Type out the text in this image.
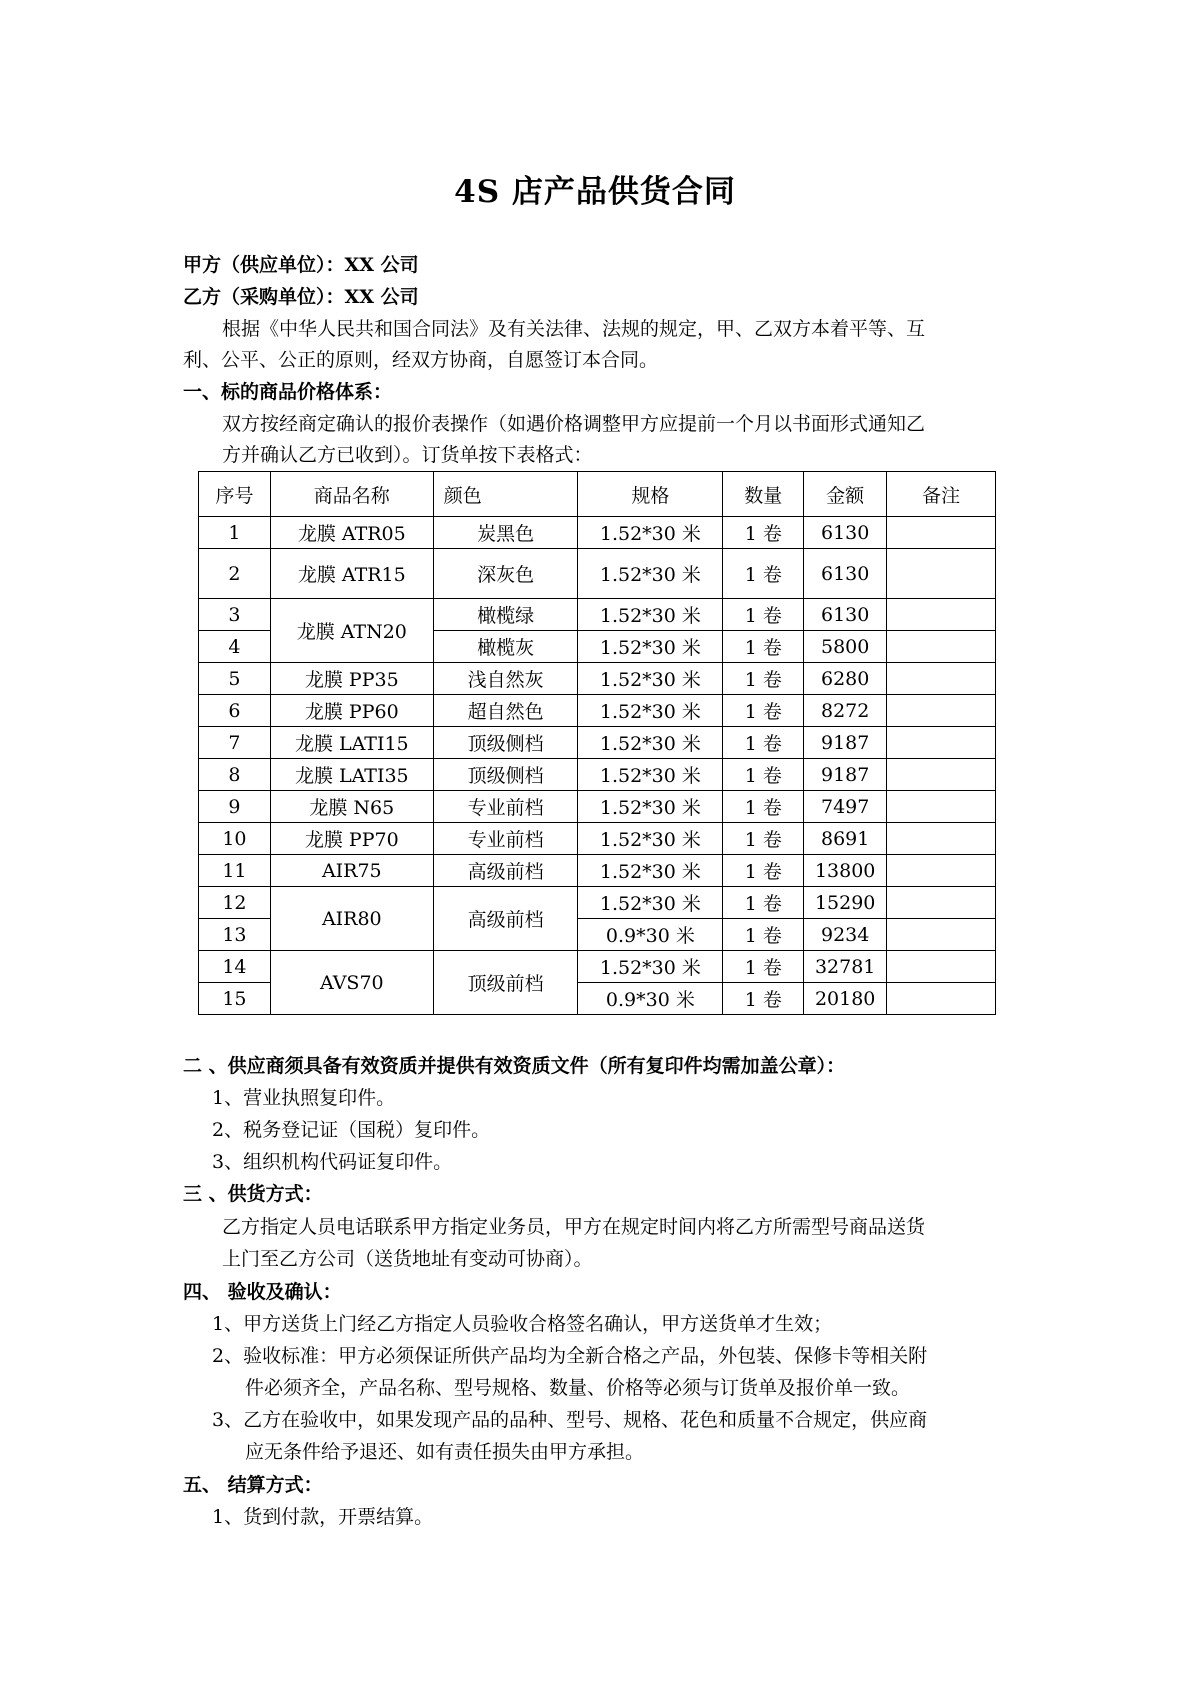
4S 店产品供货合同
甲方（供应单位）：XX 公司
乙方（采购单位）：XX 公司
根据《中华人民共和国合同法》及有关法律、法规的规定，甲、乙双方本着平等、互
利、公平、公正的原则，经双方协商，自愿签订本合同。
一、标的商品价格体系：
双方按经商定确认的报价表操作（如遇价格调整甲方应提前一个月以书面形式通知乙
方并确认乙方已收到）。订货单按下表格式：
序号	商品名称	颜色	规格	数量	金额	备注
1	龙膜 ATR05	炭黑色	1.52*30 米	1 卷	6130	
2	龙膜 ATR15	深灰色	1.52*30 米	1 卷	6130	
3	龙膜 ATN20	橄榄绿	1.52*30 米	1 卷	6130	
4		橄榄灰	1.52*30 米	1 卷	5800	
5	龙膜 PP35	浅自然灰	1.52*30 米	1 卷	6280	
6	龙膜 PP60	超自然色	1.52*30 米	1 卷	8272	
7	龙膜 LATI15	顶级侧档	1.52*30 米	1 卷	9187	
8	龙膜 LATI35	顶级侧档	1.52*30 米	1 卷	9187	
9	龙膜 N65	专业前档	1.52*30 米	1 卷	7497	
10	龙膜 PP70	专业前档	1.52*30 米	1 卷	8691	
11	AIR75	高级前档	1.52*30 米	1 卷	13800	
12	AIR80	高级前档	1.52*30 米	1 卷	15290	
13			0.9*30 米	1 卷	9234	
14	AVS70	顶级前档	1.52*30 米	1 卷	32781	
15			0.9*30 米	1 卷	20180	
二 、供应商须具备有效资质并提供有效资质文件（所有复印件均需加盖公章）：
1、营业执照复印件。
2、税务登记证（国税）复印件。
3、组织机构代码证复印件。
三 、供货方式：
乙方指定人员电话联系甲方指定业务员，甲方在规定时间内将乙方所需型号商品送货
上门至乙方公司（送货地址有变动可协商）。
四、 验收及确认：
1、甲方送货上门经乙方指定人员验收合格签名确认，甲方送货单才生效；
2、验收标准：甲方必须保证所供产品均为全新合格之产品，外包装、保修卡等相关附
件必须齐全，产品名称、型号规格、数量、价格等必须与订货单及报价单一致。
3、乙方在验收中，如果发现产品的品种、型号、规格、花色和质量不合规定，供应商
应无条件给予退还、如有责任损失由甲方承担。
五、 结算方式：
1、货到付款，开票结算。
